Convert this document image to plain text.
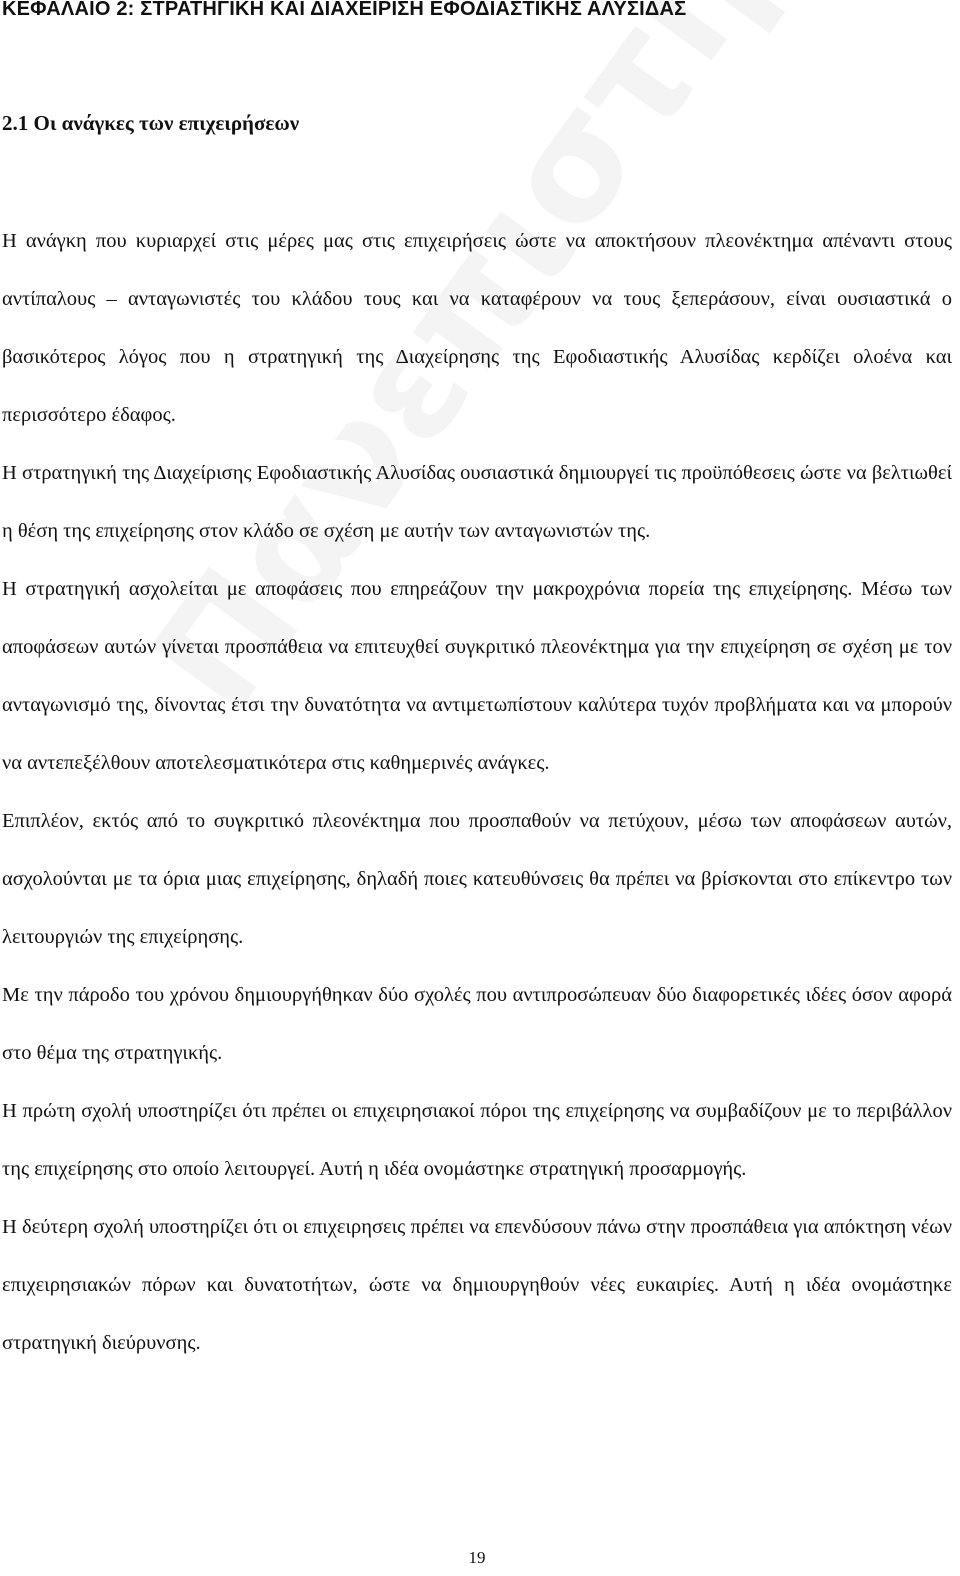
ΚΕΦΑΛΑΙΟ 2: ΣΤΡΑΤΗΓΙΚΗ ΚΑΙ ΔΙΑΧΕΙΡΙΣΗ ΕΦΟΔΙΑΣΤΙΚΗΣ ΑΛΥΣΙΔΑΣ
2.1 Οι ανάγκες των επιχειρήσεων

Η ανάγκη που κυριαρχεί στις μέρες μας στις επιχειρήσεις ώστε να αποκτήσουν πλεονέκτημα απέναντι στους αντίπαλους – ανταγωνιστές του κλάδου τους και να καταφέρουν να τους ξεπεράσουν, είναι ουσιαστικά ο βασικότερος λόγος που η στρατηγική της Διαχείρησης της Εφοδιαστικής Αλυσίδας κερδίζει ολοένα και περισσότερο έδαφος.

Η στρατηγική της Διαχείρισης Εφοδιαστικής Αλυσίδας ουσιαστικά δημιουργεί τις προϋπόθεσεις ώστε να βελτιωθεί η θέση της επιχείρησης στον κλάδο σε σχέση με αυτήν των ανταγωνιστών της.

Η στρατηγική ασχολείται με αποφάσεις που επηρεάζουν την μακροχρόνια πορεία της επιχείρησης. Μέσω των αποφάσεων αυτών γίνεται προσπάθεια να επιτευχθεί συγκριτικό πλεονέκτημα για την επιχείρηση σε σχέση με τον ανταγωνισμό της, δίνοντας έτσι την δυνατότητα να αντιμετωπίστουν καλύτερα τυχόν προβλήματα και να μπορούν να αντεπεξέλθουν αποτελεσματικότερα στις καθημερινές ανάγκες.

Επιπλέον, εκτός από το συγκριτικό πλεονέκτημα που προσπαθούν να πετύχουν, μέσω των αποφάσεων αυτών, ασχολούνται με τα όρια μιας επιχείρησης, δηλαδή ποιες κατευθύνσεις θα πρέπει να βρίσκονται στο επίκεντρο των λειτουργιών της επιχείρησης.

Με την πάροδο του χρόνου δημιουργήθηκαν δύο σχολές που αντιπροσώπευαν δύο διαφορετικές ιδέες όσον αφορά στο θέμα της στρατηγικής.

Η πρώτη σχολή υποστηρίζει ότι πρέπει οι επιχειρησιακοί πόροι της επιχείρησης να συμβαδίζουν με το περιβάλλον της επιχείρησης στο οποίο λειτουργεί. Αυτή η ιδέα ονομάστηκε στρατηγική προσαρμογής.

Η δεύτερη σχολή υποστηρίζει ότι οι επιχειρησεις πρέπει να επενδύσουν πάνω στην προσπάθεια για απόκτηση νέων επιχειρησιακών πόρων και δυνατοτήτων, ώστε να δημιουργηθούν νέες ευκαιρίες. Αυτή η ιδέα ονομάστηκε στρατηγική διεύρυνσης.

19
